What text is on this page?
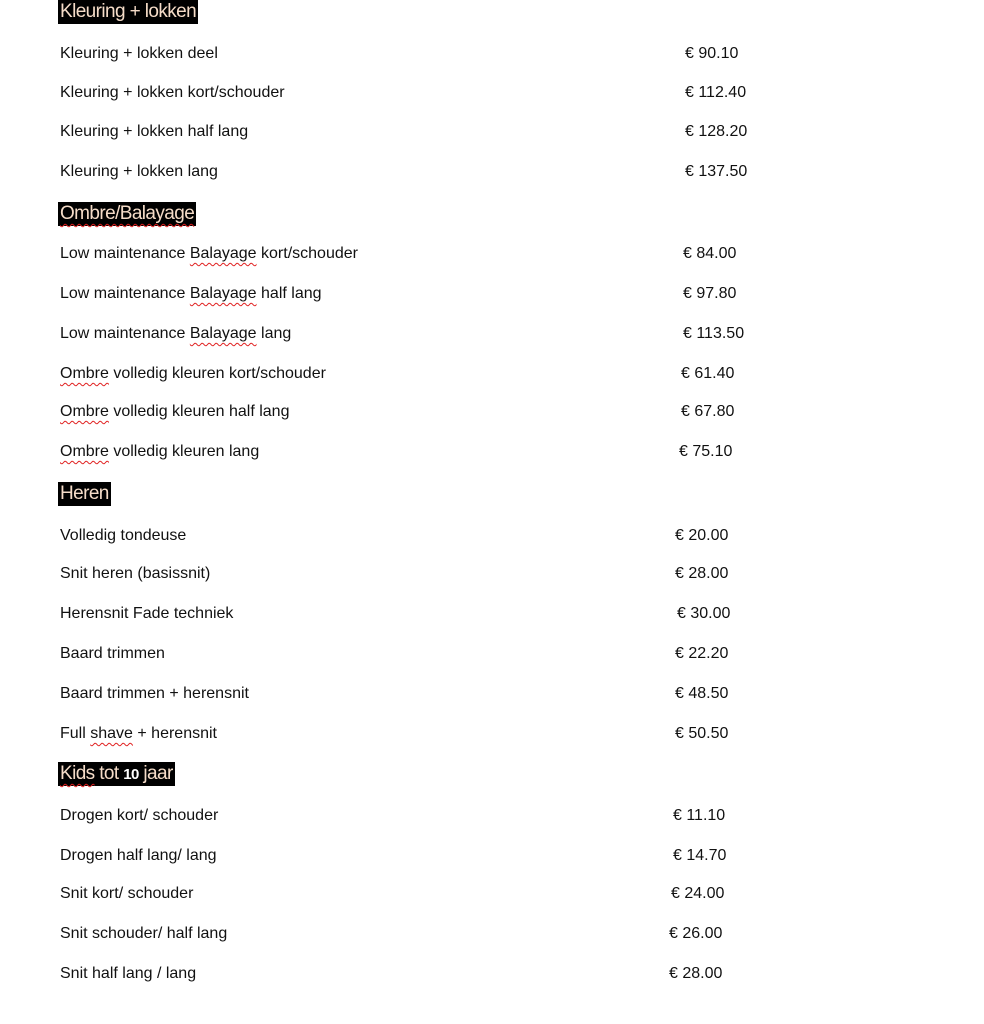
Kleuring + lokken
Kleuring + lokken deel	€ 90.10
Kleuring + lokken kort/schouder	€ 112.40
Kleuring + lokken half lang	€ 128.20
Kleuring + lokken lang	€ 137.50
Ombre/Balayage
Low maintenance Balayage kort/schouder	€ 84.00
Low maintenance Balayage half lang	€ 97.80
Low maintenance Balayage lang	€ 113.50
Ombre volledig kleuren kort/schouder	€ 61.40
Ombre volledig kleuren half lang	€ 67.80
Ombre volledig kleuren lang	€ 75.10
Heren
Volledig tondeuse	€ 20.00
Snit heren (basissnit)	€ 28.00
Herensnit Fade techniek	€ 30.00
Baard trimmen	€ 22.20
Baard trimmen + herensnit	€ 48.50
Full shave + herensnit	€ 50.50
Kids tot 10 jaar
Drogen kort/ schouder	€ 11.10
Drogen half lang/ lang	€ 14.70
Snit kort/ schouder	€ 24.00
Snit schouder/ half lang	€ 26.00
Snit half lang / lang	€ 28.00
